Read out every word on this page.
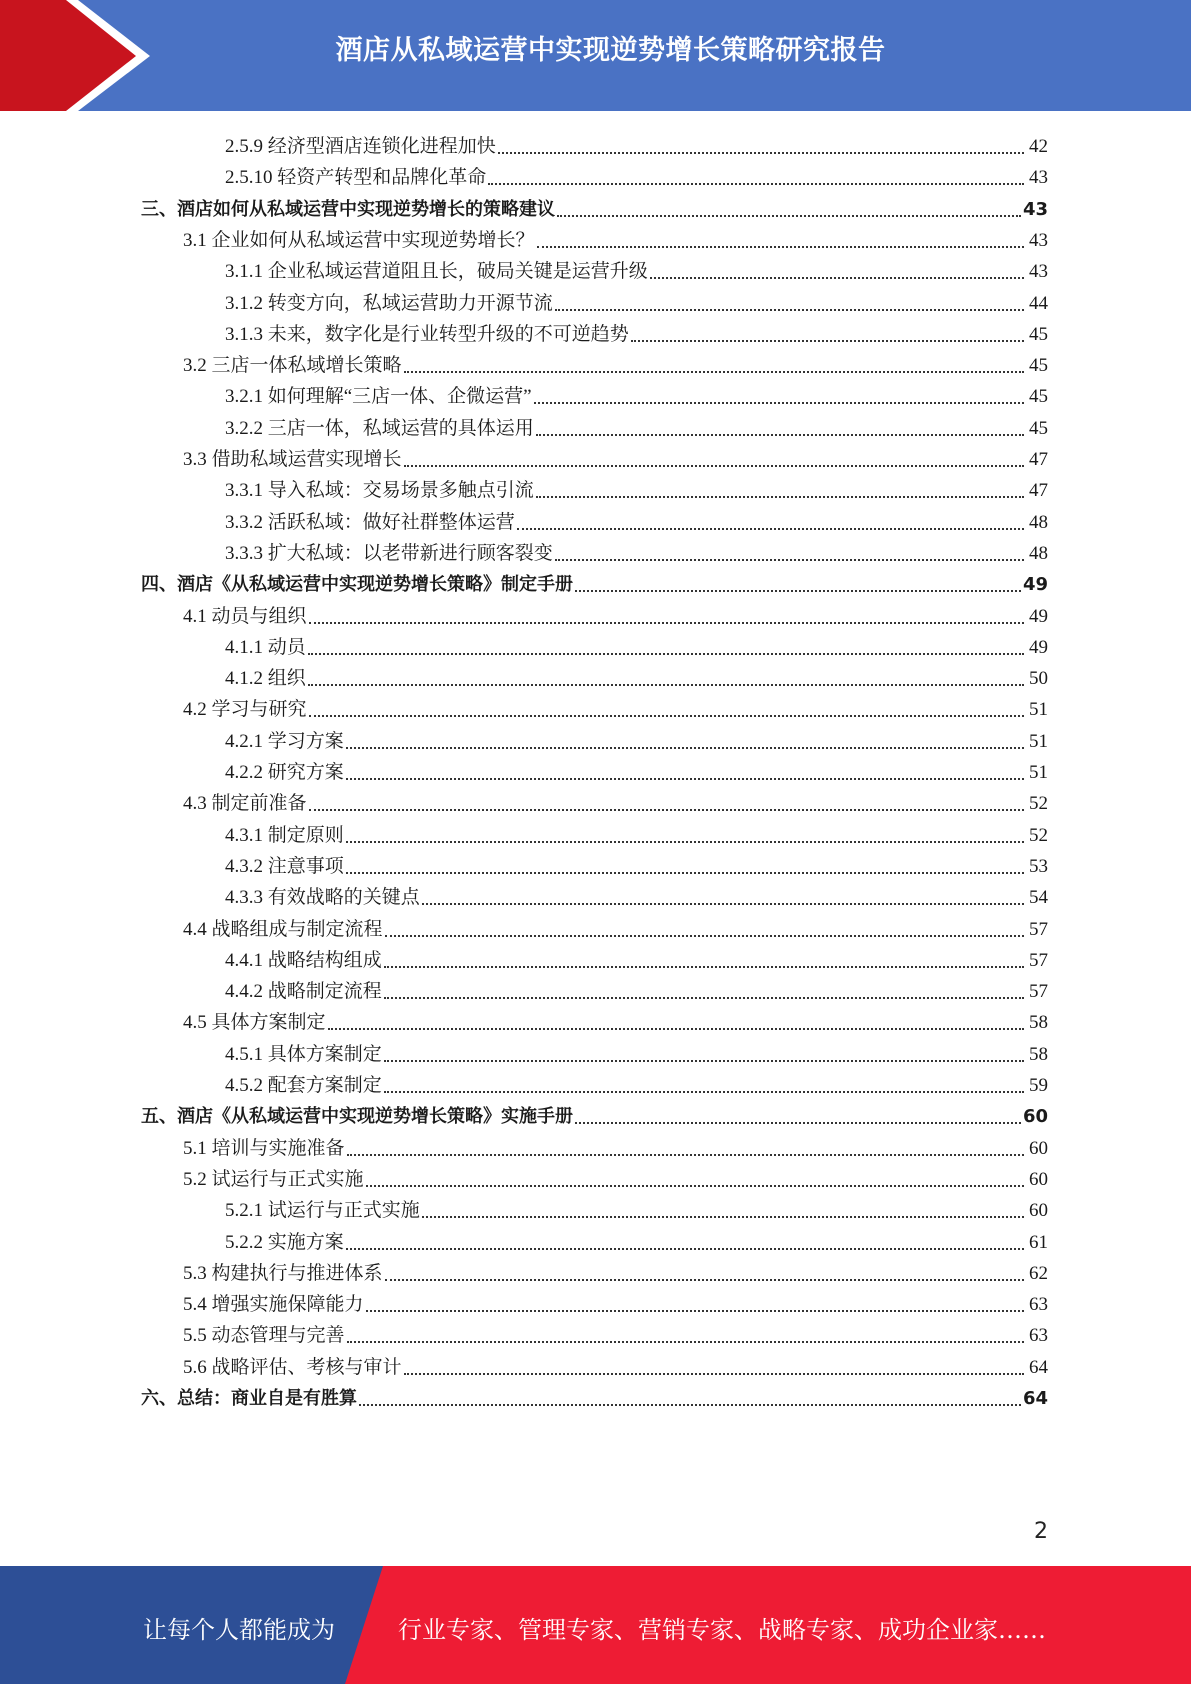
酒店从私域运营中实现逆势增长策略研究报告
2.5.9 经济型酒店连锁化进程加快	42
2.5.10 轻资产转型和品牌化革命	43
三、酒店如何从私域运营中实现逆势增长的策略建议	43
3.1 企业如何从私域运营中实现逆势增长？	43
3.1.1 企业私域运营道阻且长，破局关键是运营升级	43
3.1.2 转变方向，私域运营助力开源节流	44
3.1.3 未来，数字化是行业转型升级的不可逆趋势	45
3.2 三店一体私域增长策略	45
3.2.1 如何理解“三店一体、企微运营”	45
3.2.2 三店一体，私域运营的具体运用	45
3.3 借助私域运营实现增长	47
3.3.1 导入私域：交易场景多触点引流	47
3.3.2 活跃私域：做好社群整体运营	48
3.3.3 扩大私域：以老带新进行顾客裂变	48
四、酒店《从私域运营中实现逆势增长策略》制定手册	49
4.1 动员与组织	49
4.1.1 动员	49
4.1.2 组织	50
4.2 学习与研究	51
4.2.1 学习方案	51
4.2.2 研究方案	51
4.3 制定前准备	52
4.3.1 制定原则	52
4.3.2 注意事项	53
4.3.3 有效战略的关键点	54
4.4 战略组成与制定流程	57
4.4.1 战略结构组成	57
4.4.2 战略制定流程	57
4.5 具体方案制定	58
4.5.1 具体方案制定	58
4.5.2 配套方案制定	59
五、酒店《从私域运营中实现逆势增长策略》实施手册	60
5.1 培训与实施准备	60
5.2 试运行与正式实施	60
5.2.1 试运行与正式实施	60
5.2.2 实施方案	61
5.3 构建执行与推进体系	62
5.4 增强实施保障能力	63
5.5 动态管理与完善	63
5.6 战略评估、考核与审计	64
六、总结：商业自是有胜算	64
2
让每个人都能成为	行业专家、管理专家、营销专家、战略专家、成功企业家……
